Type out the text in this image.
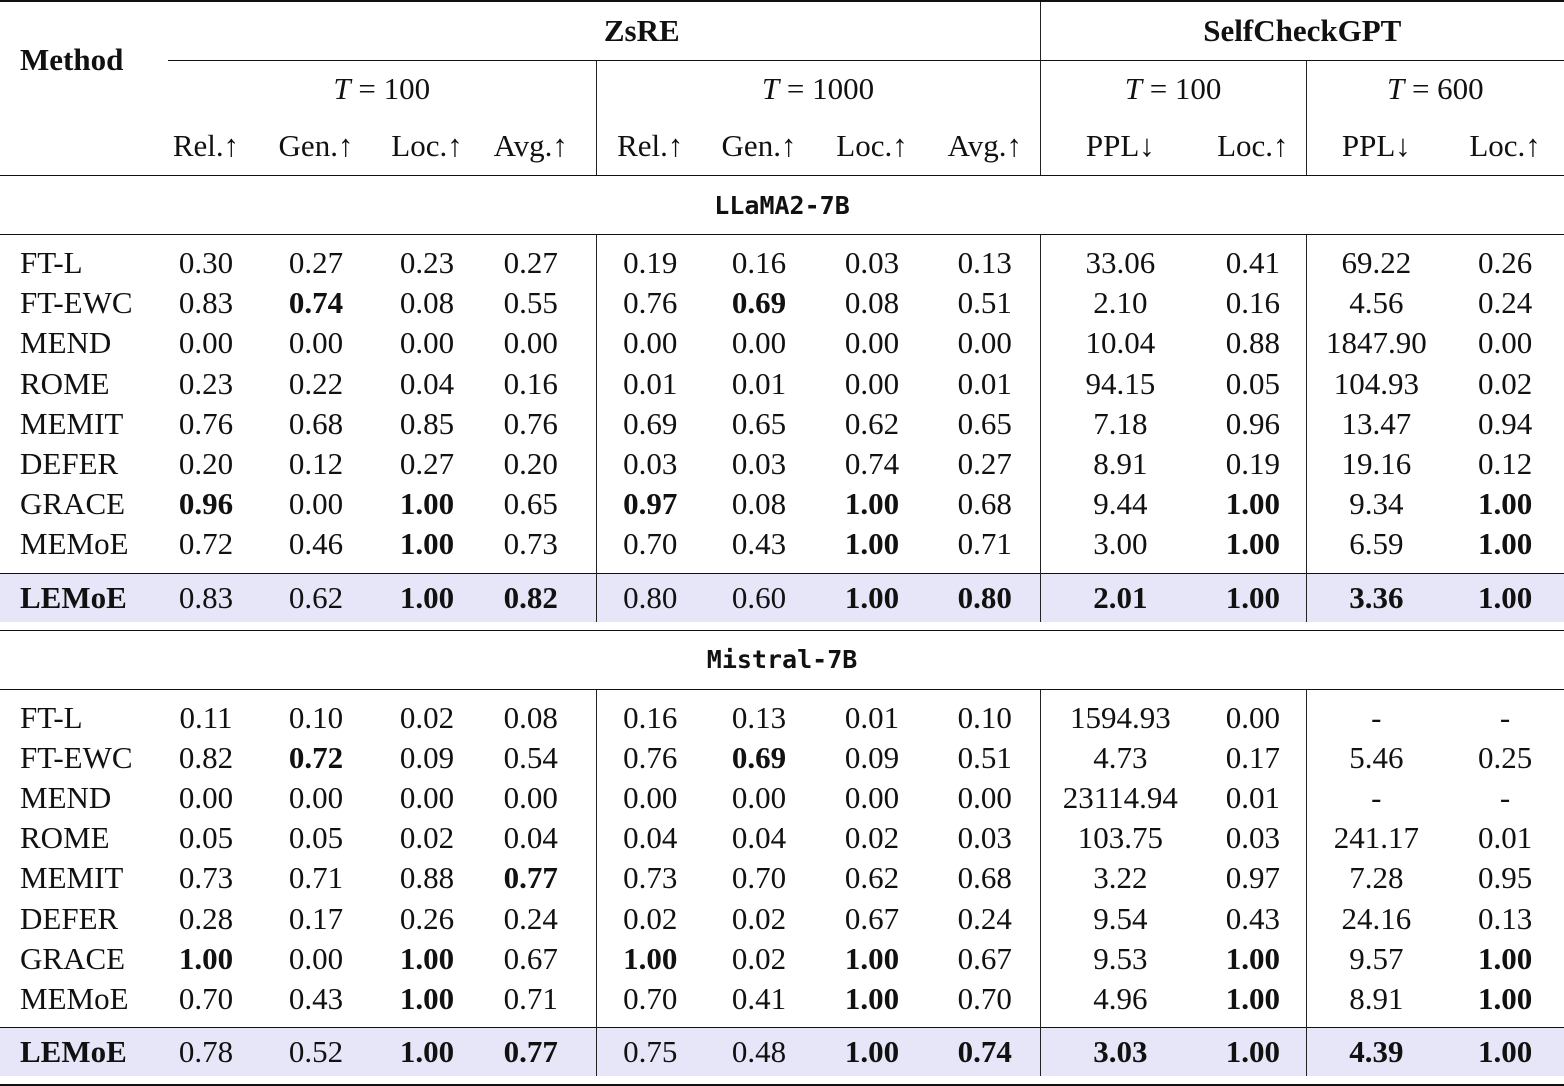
Method		ZsRE							SelfCheckGPT			
	T = 100				T = 1000				T = 100		T = 600	
	Rel.↑	Gen.↑	Loc.↑	Avg.↑	Rel.↑	Gen.↑	Loc.↑	Avg.↑	PPL↓	Loc.↑	PPL↓	Loc.↑
LLaMA2-7B												

FT-L	0.30	0.27	0.23	0.27	0.19	0.16	0.03	0.13	33.06	0.41	69.22	0.26
FT-EWC	0.83	0.74	0.08	0.55	0.76	0.69	0.08	0.51	2.10	0.16	4.56	0.24
MEND	0.00	0.00	0.00	0.00	0.00	0.00	0.00	0.00	10.04	0.88	1847.90	0.00
ROME	0.23	0.22	0.04	0.16	0.01	0.01	0.00	0.01	94.15	0.05	104.93	0.02
MEMIT	0.76	0.68	0.85	0.76	0.69	0.65	0.62	0.65	7.18	0.96	13.47	0.94
DEFER	0.20	0.12	0.27	0.20	0.03	0.03	0.74	0.27	8.91	0.19	19.16	0.12
GRACE	0.96	0.00	1.00	0.65	0.97	0.08	1.00	0.68	9.44	1.00	9.34	1.00
MEMoE	0.72	0.46	1.00	0.73	0.70	0.43	1.00	0.71	3.00	1.00	6.59	1.00

LEMoE	0.83	0.62	1.00	0.82	0.80	0.60	1.00	0.80	2.01	1.00	3.36	1.00

Mistral-7B												

FT-L	0.11	0.10	0.02	0.08	0.16	0.13	0.01	0.10	1594.93	0.00	-	-
FT-EWC	0.82	0.72	0.09	0.54	0.76	0.69	0.09	0.51	4.73	0.17	5.46	0.25
MEND	0.00	0.00	0.00	0.00	0.00	0.00	0.00	0.00	23114.94	0.01	-	-
ROME	0.05	0.05	0.02	0.04	0.04	0.04	0.02	0.03	103.75	0.03	241.17	0.01
MEMIT	0.73	0.71	0.88	0.77	0.73	0.70	0.62	0.68	3.22	0.97	7.28	0.95
DEFER	0.28	0.17	0.26	0.24	0.02	0.02	0.67	0.24	9.54	0.43	24.16	0.13
GRACE	1.00	0.00	1.00	0.67	1.00	0.02	1.00	0.67	9.53	1.00	9.57	1.00
MEMoE	0.70	0.43	1.00	0.71	0.70	0.41	1.00	0.70	4.96	1.00	8.91	1.00

LEMoE	0.78	0.52	1.00	0.77	0.75	0.48	1.00	0.74	3.03	1.00	4.39	1.00
